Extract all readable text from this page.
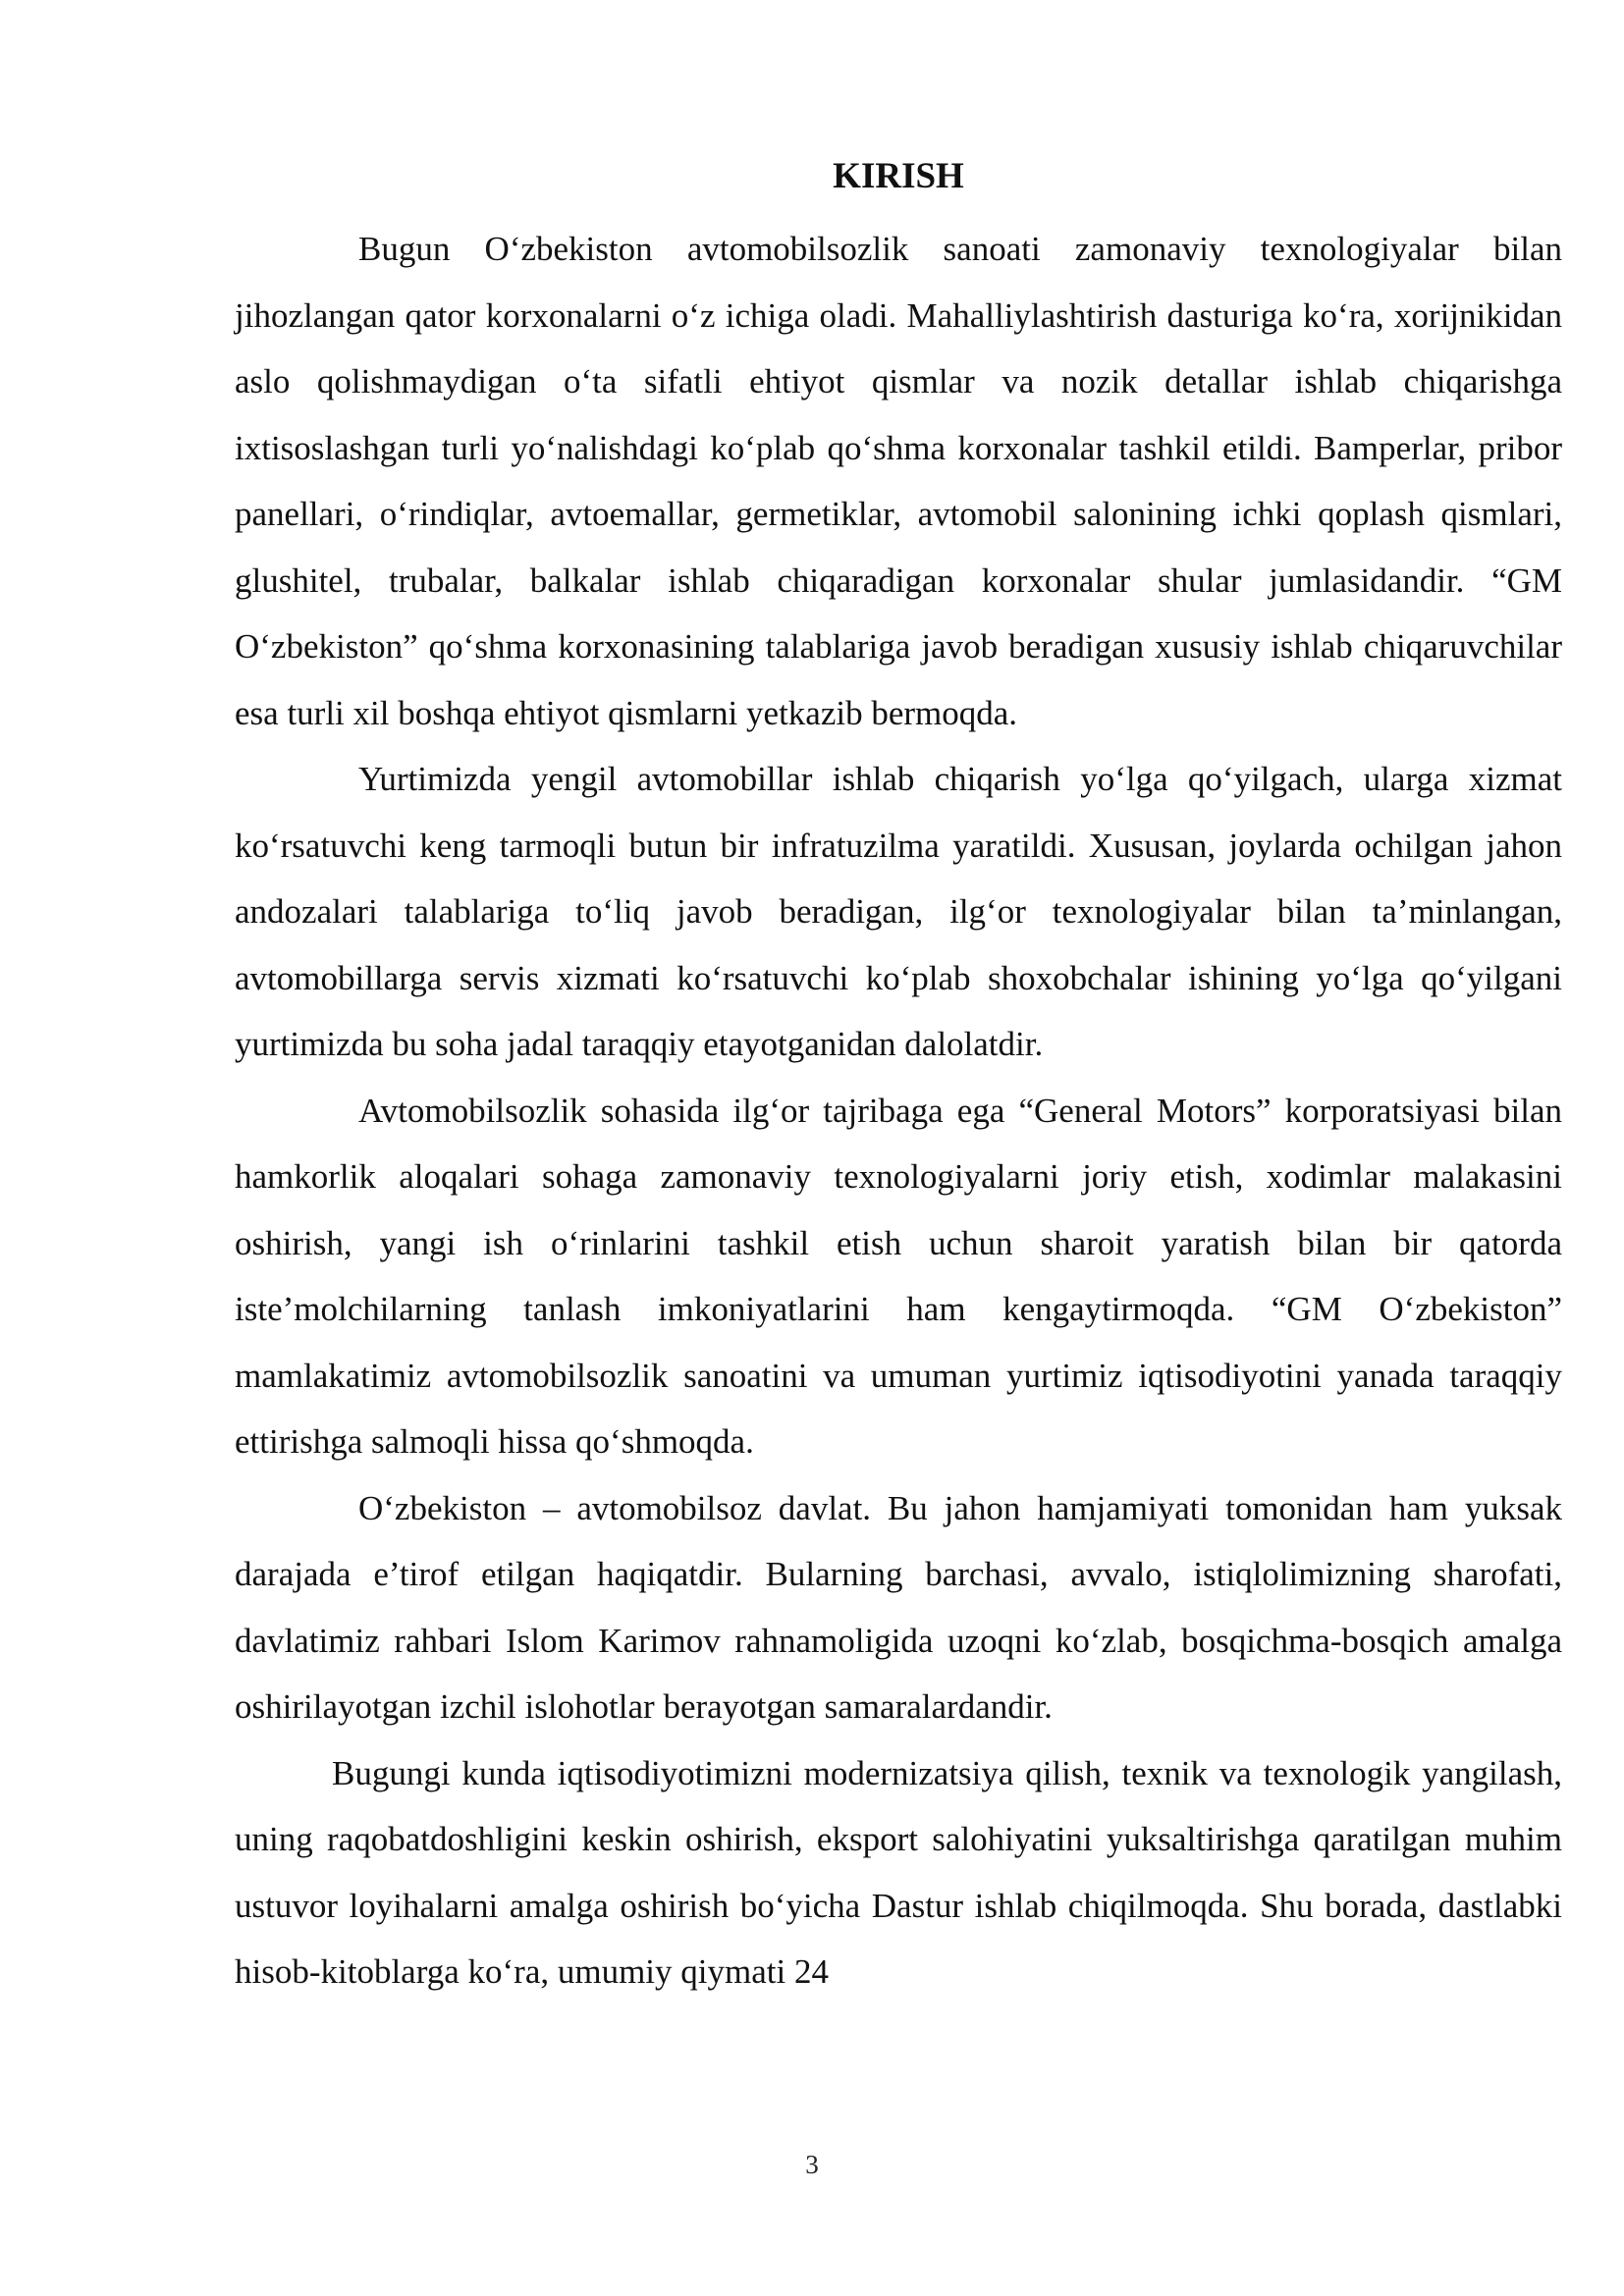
KIRISH

Bugun O‘zbekiston avtomobilsozlik sanoati zamonaviy texnologiyalar bilan jihozlangan qator korxonalarni o‘z ichiga oladi. Mahalliylashtirish dasturiga ko‘ra, xorijnikidan aslo qolishmaydigan o‘ta sifatli ehtiyot qismlar va nozik detallar ishlab chiqarishga ixtisoslashgan turli yo‘nalishdagi ko‘plab qo‘shma korxonalar tashkil etildi. Bamperlar, pribor panellari, o‘rindiqlar, avtoemallar, germetiklar, avtomobil salonining ichki qoplash qismlari, glushitel, trubalar, balkalar ishlab chiqaradigan korxonalar shular jumlasidandir. “GM O‘zbekiston” qo‘shma korxonasining talablariga javob beradigan xususiy ishlab chiqaruvchilar esa turli xil boshqa ehtiyot qismlarni yetkazib bermoqda.

Yurtimizda yengil avtomobillar ishlab chiqarish yo‘lga qo‘yilgach, ularga xizmat ko‘rsatuvchi keng tarmoqli butun bir infratuzilma yaratildi. Xususan, joylarda ochilgan jahon andozalari talablariga to‘liq javob beradigan, ilg‘or texnologiyalar bilan ta’minlangan, avtomobillarga servis xizmati ko‘rsatuvchi ko‘plab shoxobchalar ishining yo‘lga qo‘yilgani yurtimizda bu soha jadal taraqqiy etayotganidan dalolatdir.

Avtomobilsozlik sohasida ilg‘or tajribaga ega “General Motors” korporatsiyasi bilan hamkorlik aloqalari sohaga zamonaviy texnologiyalarni joriy etish, xodimlar malakasini oshirish, yangi ish o‘rinlarini tashkil etish uchun sharoit yaratish bilan bir qatorda iste’molchilarning tanlash imkoniyatlarini ham kengaytirmoqda. “GM O‘zbekiston” mamlakatimiz avtomobilsozlik sanoatini va umuman yurtimiz iqtisodiyotini yanada taraqqiy ettirishga salmoqli hissa qo‘shmoqda.

O‘zbekiston – avtomobilsoz davlat. Bu jahon hamjamiyati tomonidan ham yuksak darajada e’tirof etilgan haqiqatdir. Bularning barchasi, avvalo, istiqlolimizning sharofati, davlatimiz rahbari Islom Karimov rahnamoligida uzoqni ko‘zlab, bosqichma-bosqich amalga oshirilayotgan izchil islohotlar berayotgan samaralardandir.

Bugungi kunda iqtisodiyotimizni modernizatsiya qilish, texnik va texnologik yangilash, uning raqobatdoshligini keskin oshirish, eksport salohiyatini yuksaltirishga qaratilgan muhim ustuvor loyihalarni amalga oshirish bo‘yicha Dastur ishlab chiqilmoqda. Shu borada, dastlabki hisob-kitoblarga ko‘ra, umumiy qiymati 24

3
